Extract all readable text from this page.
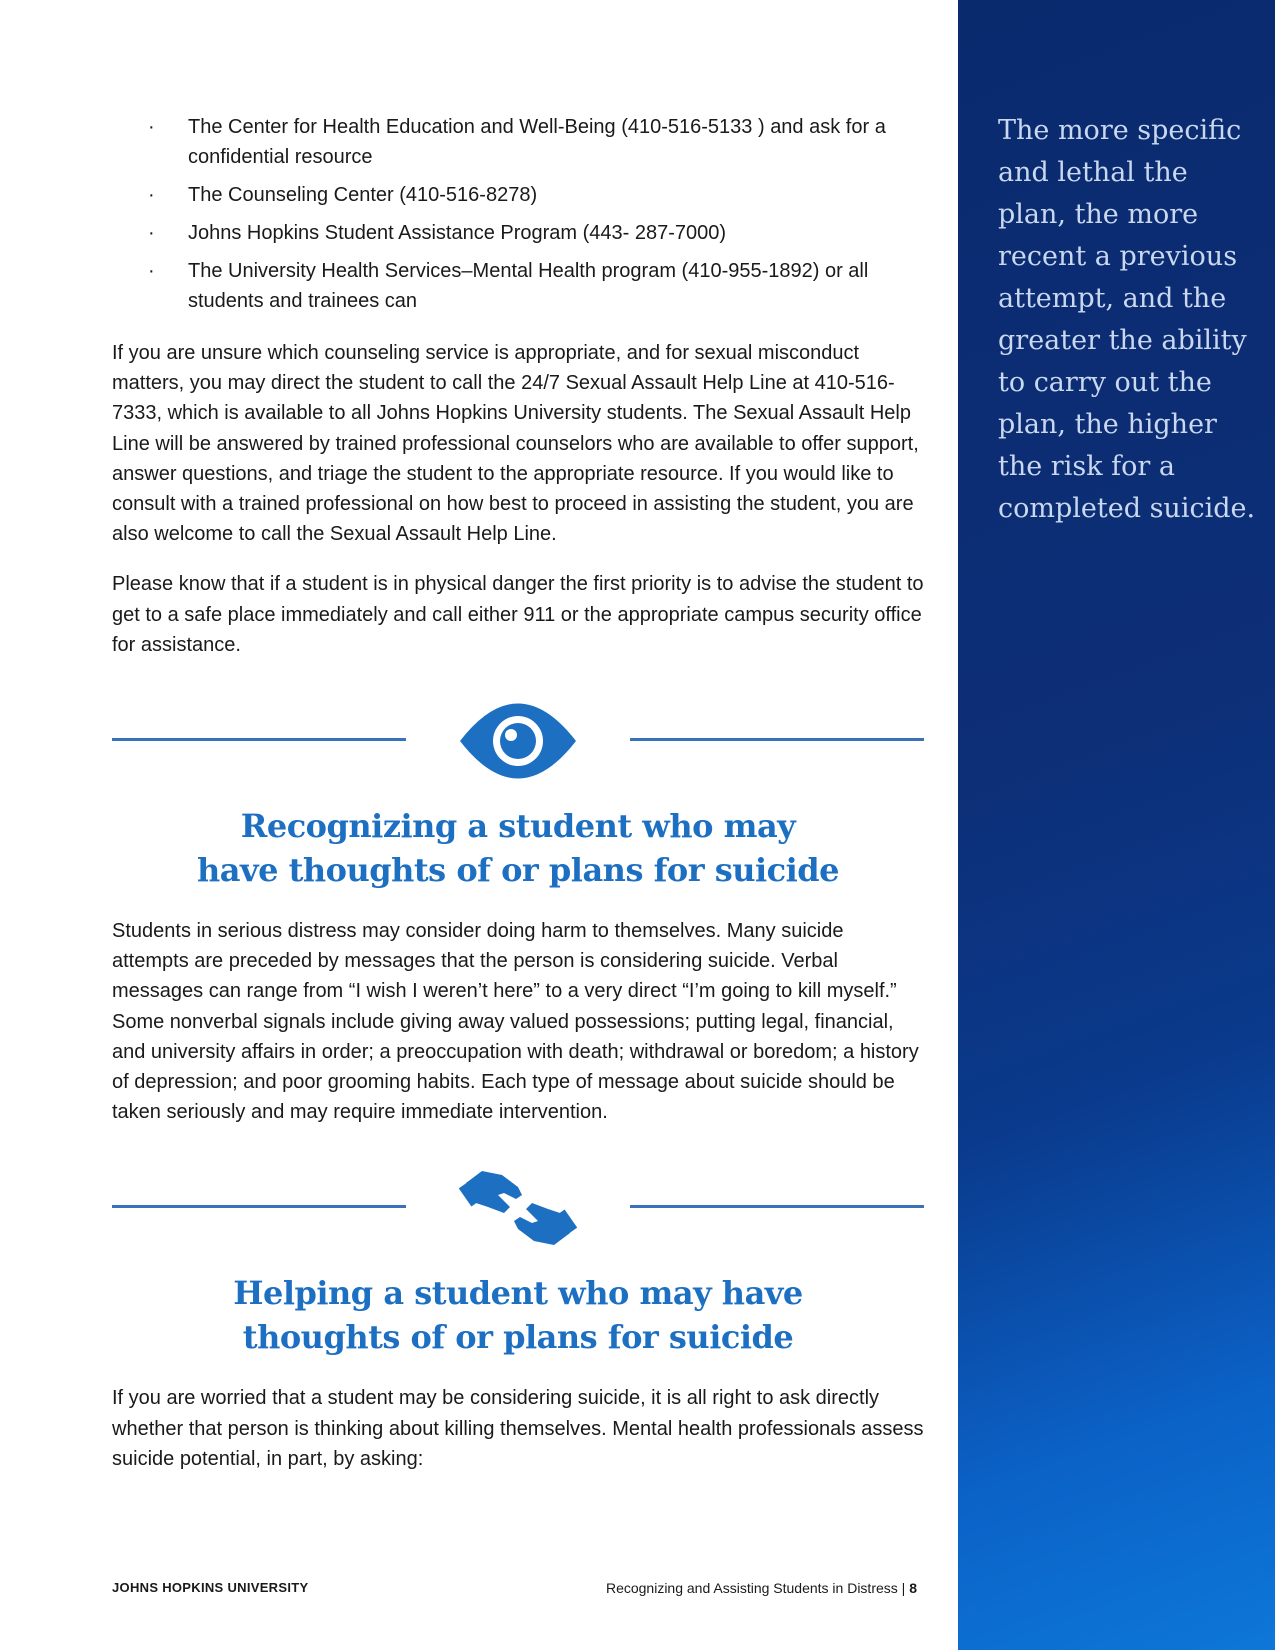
· The Center for Health Education and Well-Being (410-516-5133 ) and ask for a confidential resource
· The Counseling Center (410-516-8278)
· Johns Hopkins Student Assistance Program (443- 287-7000)
· The University Health Services–Mental Health program (410-955-1892) or all students and trainees can

If you are unsure which counseling service is appropriate, and for sexual misconduct matters, you may direct the student to call the 24/7 Sexual Assault Help Line at 410-516-7333, which is available to all Johns Hopkins University students. The Sexual Assault Help Line will be answered by trained professional counselors who are available to offer support, answer questions, and triage the student to the appropriate resource. If you would like to consult with a trained professional on how best to proceed in assisting the student, you are also welcome to call the Sexual Assault Help Line.

Please know that if a student is in physical danger the first priority is to advise the student to get to a safe place immediately and call either 911 or the appropriate campus security office for assistance.

Recognizing a student who may
have thoughts of or plans for suicide

Students in serious distress may consider doing harm to themselves. Many suicide attempts are preceded by messages that the person is considering suicide. Verbal messages can range from “I wish I weren’t here” to a very direct “I’m going to kill myself.” Some nonverbal signals include giving away valued possessions; putting legal, financial, and university affairs in order; a preoccupation with death; withdrawal or boredom; a history of depression; and poor grooming habits. Each type of message about suicide should be taken seriously and may require immediate intervention.

Helping a student who may have
thoughts of or plans for suicide

If you are worried that a student may be considering suicide, it is all right to ask directly whether that person is thinking about killing themselves. Mental health professionals assess suicide potential, in part, by asking:

The more specific and lethal the plan, the more recent a previous attempt, and the greater the ability to carry out the plan, the higher the risk for a completed suicide.
JOHNS HOPKINS UNIVERSITY	Recognizing and Assisting Students in Distress | 8
